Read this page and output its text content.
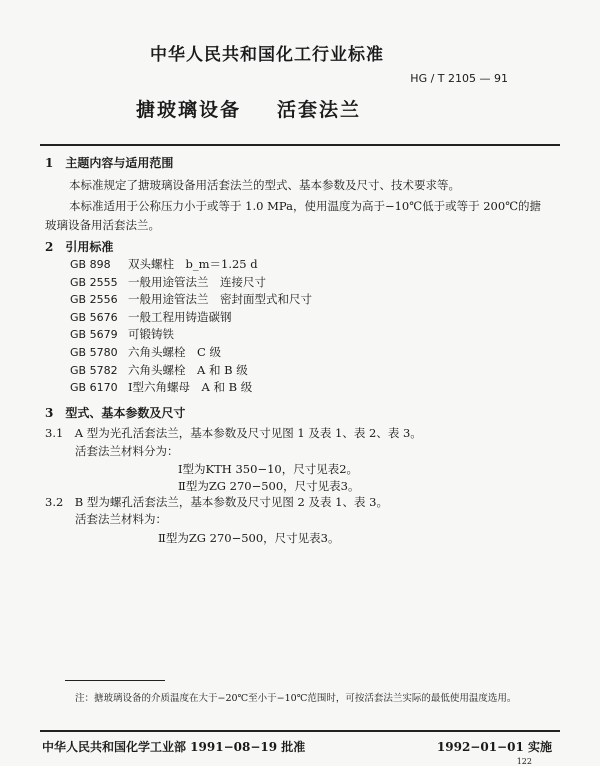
中华人民共和国化工行业标准
HG / T 2105 — 91
搪玻璃设备 活套法兰
1　主题内容与适用范围
本标准规定了搪玻璃设备用活套法兰的型式、基本参数及尺寸、技术要求等。
本标准适用于公称压力小于或等于 1.0 MPa，使用温度为高于−10℃低于或等于 200℃的搪玻璃设备用活套法兰。
2　引用标准
GB 898	双头螺柱　b_m＝1.25 d
GB 2555 一般用途管法兰　连接尺寸
GB 2556 一般用途管法兰　密封面型式和尺寸
GB 5676 一般工程用铸造碳钢
GB 5679 可锻铸铁
GB 5780 六角头螺栓　C 级
GB 5782 六角头螺栓　A 和 B 级
GB 6170 Ⅰ型六角螺母　A 和 B 级
3　型式、基本参数及尺寸
3.1　A 型为光孔活套法兰，基本参数及尺寸见图 1 及表 1、表 2、表 3。
活套法兰材料分为：
Ⅰ型为KTH 350−10，尺寸见表2。
Ⅱ型为ZG 270−500，尺寸见表3。
3.2　B 型为螺孔活套法兰，基本参数及尺寸见图 2 及表 1、表 3。
活套法兰材料为：
Ⅱ型为ZG 270−500，尺寸见表3。
注：搪玻璃设备的介质温度在大于−20℃至小于−10℃范围时，可按活套法兰实际的最低使用温度选用。
中华人民共和国化学工业部 1991−08−19 批准	1992−01−01 实施
122
